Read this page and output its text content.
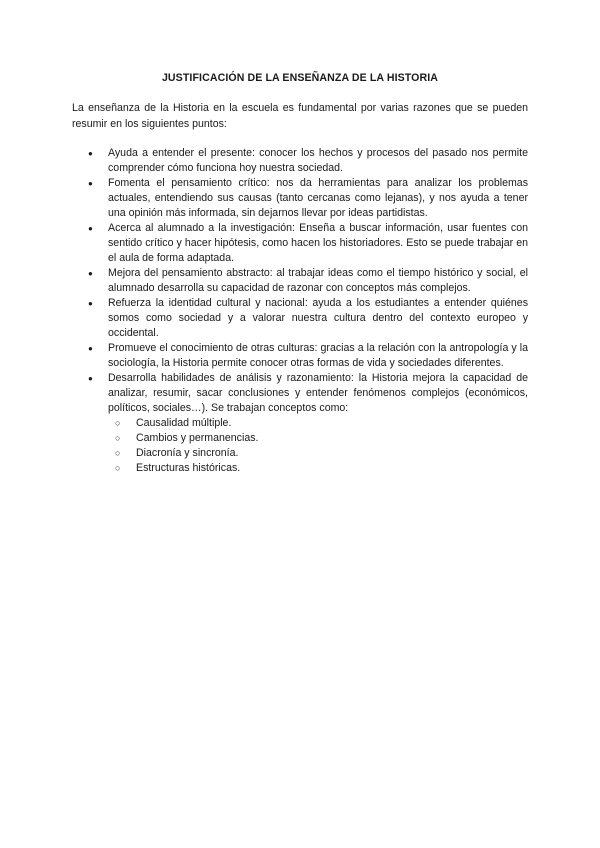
JUSTIFICACIÓN DE LA ENSEÑANZA DE LA HISTORIA

La enseñanza de la Historia en la escuela es fundamental por varias razones que se pueden resumir en los siguientes puntos:

● Ayuda a entender el presente: conocer los hechos y procesos del pasado nos permite comprender cómo funciona hoy nuestra sociedad.
● Fomenta el pensamiento crítico: nos da herramientas para analizar los problemas actuales, entendiendo sus causas (tanto cercanas como lejanas), y nos ayuda a tener una opinión más informada, sin dejarnos llevar por ideas partidistas.
● Acerca al alumnado a la investigación: Enseña a buscar información, usar fuentes con sentido crítico y hacer hipótesis, como hacen los historiadores. Esto se puede trabajar en el aula de forma adaptada.
● Mejora del pensamiento abstracto: al trabajar ideas como el tiempo histórico y social, el alumnado desarrolla su capacidad de razonar con conceptos más complejos.
● Refuerza la identidad cultural y nacional: ayuda a los estudiantes a entender quiénes somos como sociedad y a valorar nuestra cultura dentro del contexto europeo y occidental.
● Promueve el conocimiento de otras culturas: gracias a la relación con la antropología y la sociología, la Historia permite conocer otras formas de vida y sociedades diferentes.
● Desarrolla habilidades de análisis y razonamiento: la Historia mejora la capacidad de analizar, resumir, sacar conclusiones y entender fenómenos complejos (económicos, políticos, sociales…). Se trabajan conceptos como:
○ Causalidad múltiple.
○ Cambios y permanencias.
○ Diacronía y sincronía.
○ Estructuras históricas.
